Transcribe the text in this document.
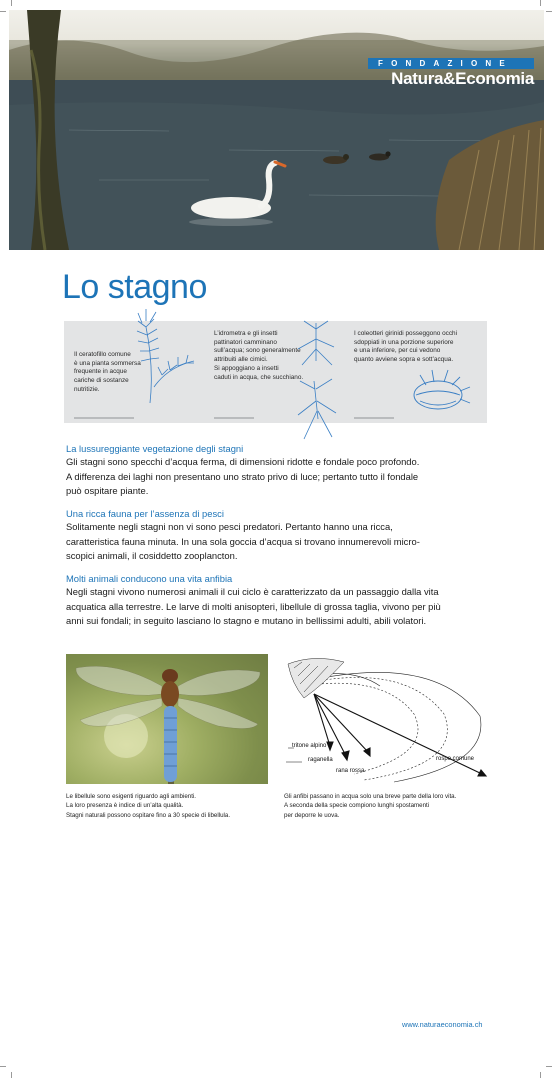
FONDAZIONE
Natura&Economia
Lo stagno
Il ceratofillo comune
è una pianta sommersa
frequente in acque
cariche di sostanze
nutritizie.
L’idrometra e gli insetti
pattinatori camminano
sull’acqua; sono generalmente
attribuiti alle cimici.
Si appoggiano a insetti
caduti in acqua, che succhiano.
I coleotteri girinidi posseggono occhi
sdoppiati in una porzione superiore
e una inferiore, per cui vedono
quanto avviene sopra e sott’acqua.
La lussureggiante vegetazione degli stagni
Gli stagni sono specchi d’acqua ferma, di dimensioni ridotte e fondale poco profondo.
A differenza dei laghi non presentano uno strato privo di luce; pertanto tutto il fondale
può ospitare piante.
Una ricca fauna per l’assenza di pesci
Solitamente negli stagni non vi sono pesci predatori. Pertanto hanno una ricca,
caratteristica fauna minuta. In una sola goccia d’acqua si trovano innumerevoli micro-
scopici animali, il cosiddetto zooplancton.
Molti animali conducono una vita anfibia
Negli stagni vivono numerosi animali il cui ciclo è caratterizzato da un passaggio dalla vita
acquatica alla terrestre. Le larve di molti anisopteri, libellule di grossa taglia, vivono per più
anni sui fondali; in seguito lasciano lo stagno e mutano in bellissimi adulti, abili volatori.
tritone alpino
raganella
rana rossa
rospo comune
Le libellule sono esigenti riguardo agli ambienti.
La loro presenza è indice di un’alta qualità.
Stagni naturali possono ospitare fino a 30 specie di libellula.
Gli anfibi passano in acqua solo una breve parte della loro vita.
A seconda della specie compiono lunghi spostamenti
per deporre le uova.
www.naturaeconomia.ch
